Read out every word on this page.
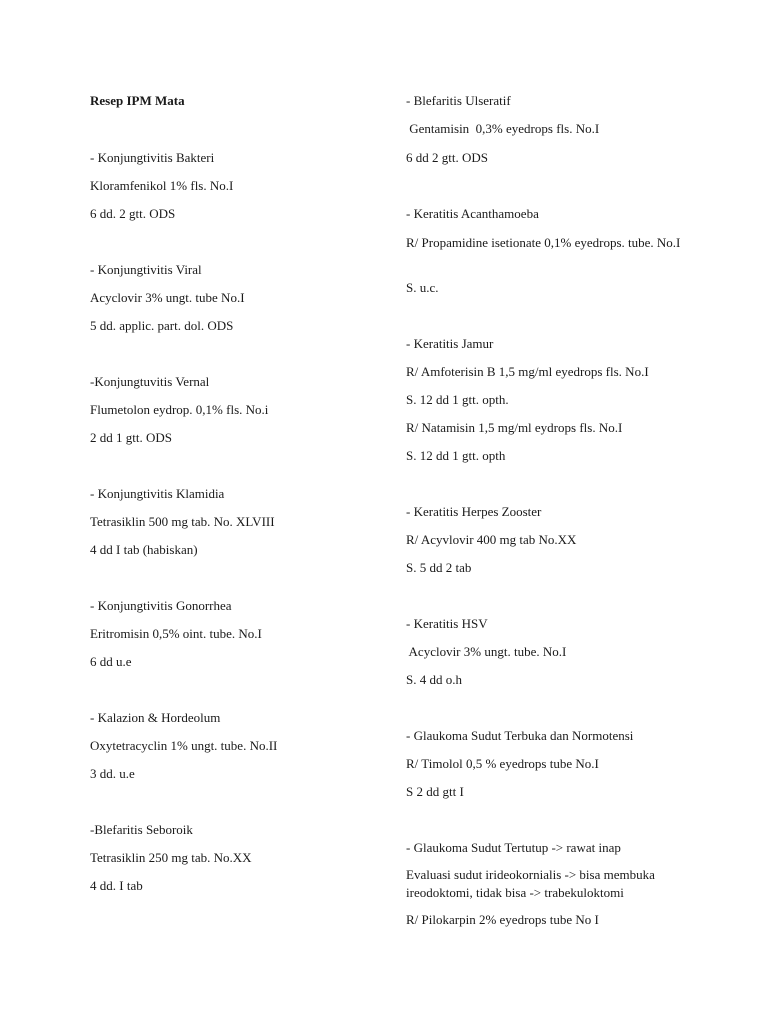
Resep IPM Mata
- Konjungtivitis Bakteri
Kloramfenikol 1% fls. No.I
6 dd. 2 gtt. ODS
- Konjungtivitis Viral
Acyclovir 3% ungt. tube No.I
5 dd. applic. part. dol. ODS
-Konjungtuvitis Vernal
Flumetolon eydrop. 0,1% fls. No.i
2 dd 1 gtt. ODS
- Konjungtivitis Klamidia
Tetrasiklin 500 mg tab. No. XLVIII
4 dd I tab (habiskan)
- Konjungtivitis Gonorrhea
Eritromisin 0,5% oint. tube. No.I
6 dd u.e
- Kalazion & Hordeolum
Oxytetracyclin 1% ungt. tube. No.II
3 dd. u.e
-Blefaritis Seboroik
Tetrasiklin 250 mg tab. No.XX
4 dd. I tab
- Blefaritis Ulseratif
Gentamisin  0,3% eyedrops fls. No.I
6 dd 2 gtt. ODS
- Keratitis Acanthamoeba
R/ Propamidine isetionate 0,1% eyedrops. tube. No.I
S. u.c.
- Keratitis Jamur
R/ Amfoterisin B 1,5 mg/ml eyedrops fls. No.I
S. 12 dd 1 gtt. opth.
R/ Natamisin 1,5 mg/ml eydrops fls. No.I
S. 12 dd 1 gtt. opth
- Keratitis Herpes Zooster
R/ Acyvlovir 400 mg tab No.XX
S. 5 dd 2 tab
- Keratitis HSV
Acyclovir 3% ungt. tube. No.I
S. 4 dd o.h
- Glaukoma Sudut Terbuka dan Normotensi
R/ Timolol 0,5 % eyedrops tube No.I
S 2 dd gtt I
- Glaukoma Sudut Tertutup -> rawat inap
Evaluasi sudut irideokornialis -> bisa membuka ireodoktomi, tidak bisa -> trabekuloktomi
R/ Pilokarpin 2% eyedrops tube No I
